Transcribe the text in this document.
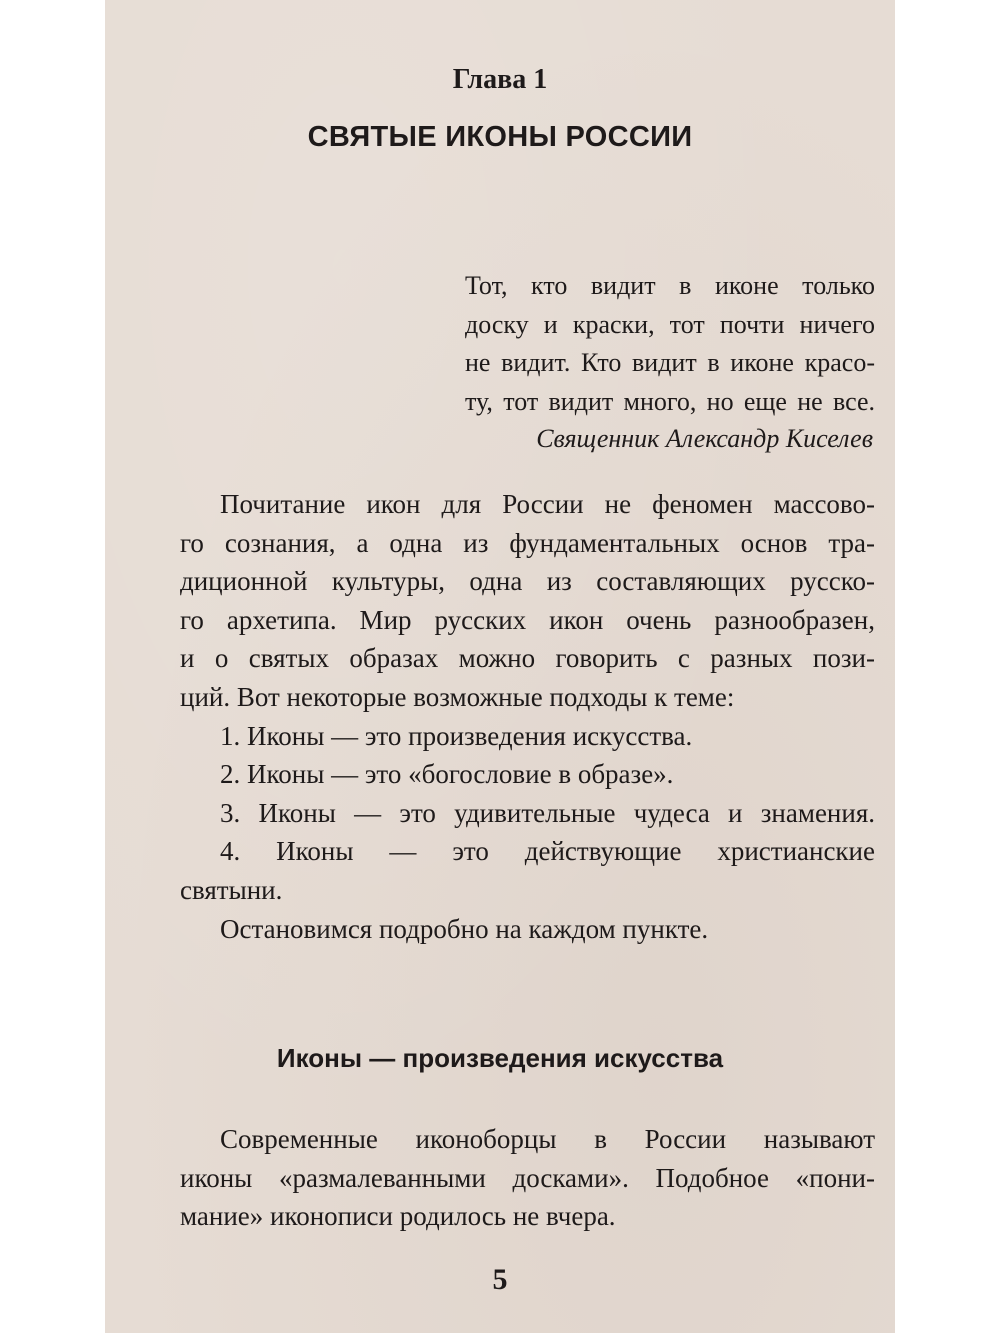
Глава 1
СВЯТЫЕ ИКОНЫ РОССИИ
Тот, кто видит в иконе только
доску и краски, тот почти ничего
не видит. Кто видит в иконе красо-
ту, тот видит много, но еще не все.
Священник Александр Киселев
Почитание икон для России не феномен массово-
го сознания, а одна из фундаментальных основ тра-
диционной культуры, одна из составляющих русско-
го архетипа. Мир русских икон очень разнообразен,
и о святых образах можно говорить с разных пози-
ций. Вот некоторые возможные подходы к теме:
1. Иконы — это произведения искусства.
2. Иконы — это «богословие в образе».
3. Иконы — это удивительные чудеса и знамения.
4. Иконы — это действующие христианские
святыни.
Остановимся подробно на каждом пункте.
Иконы — произведения искусства
Современные иконоборцы в России называют
иконы «размалеванными досками». Подобное «пони-
мание» иконописи родилось не вчера.
5
